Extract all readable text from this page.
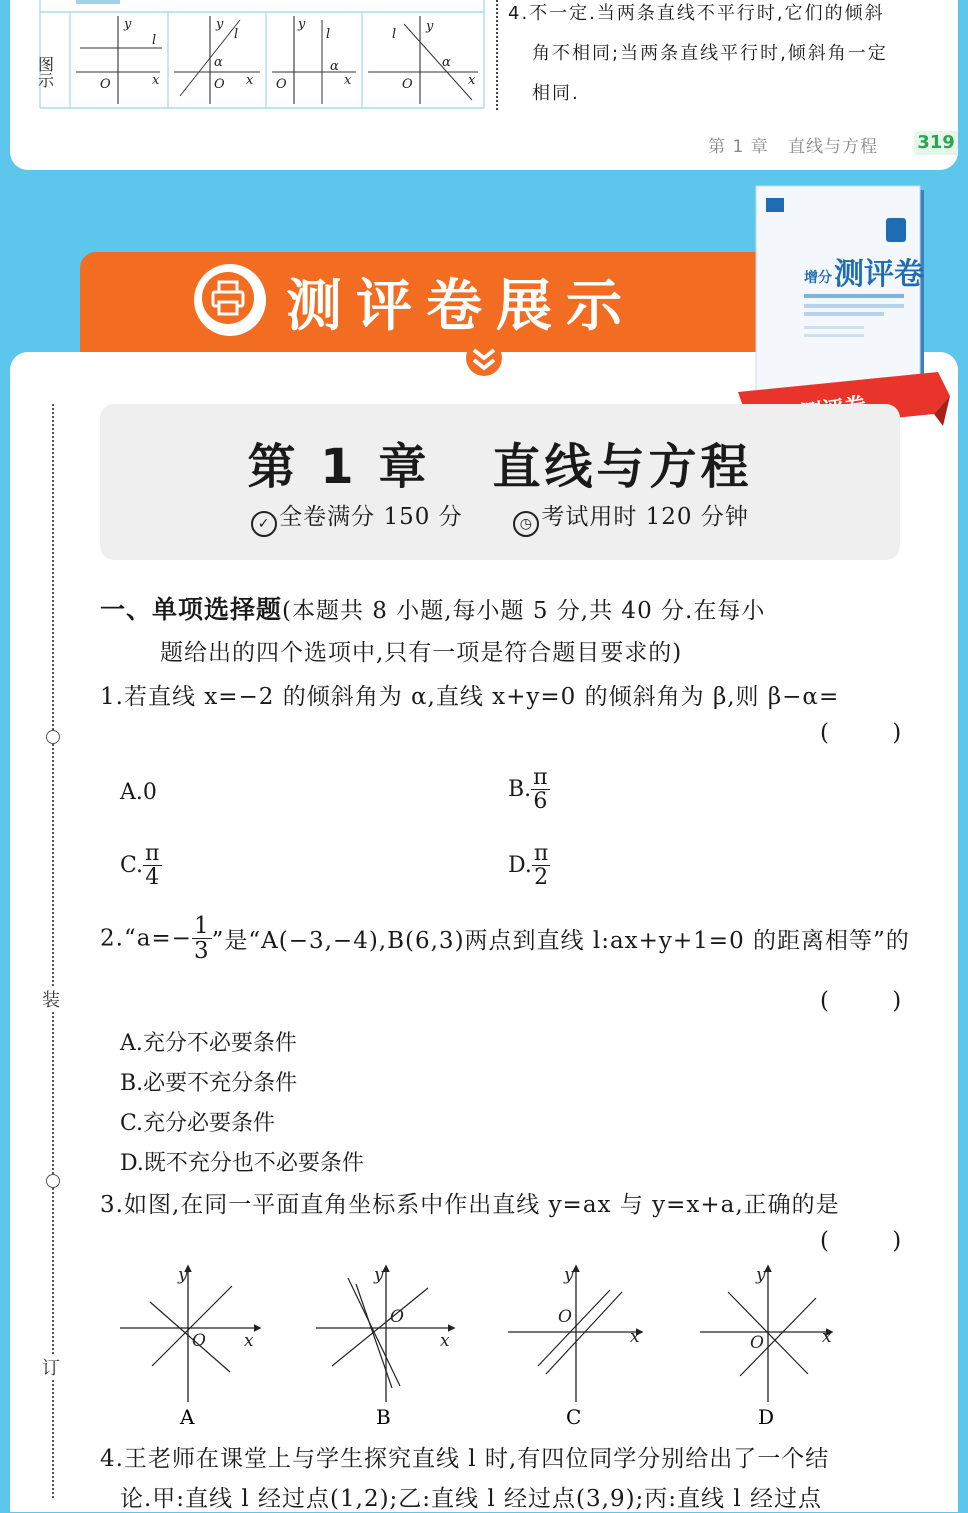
图示
y
l
O	x
y
l
α
O x
y
l
α
O	x
y
l
α
O	x
4.不一定.当两条直线不平行时,它们的倾斜
角不相同;当两条直线平行时,倾斜角一定
相同.
第 1 章   直线与方程 319
测评卷展示	增分 测评卷
装
订
第 1 章   直线与方程
✓ 全卷满分 150 分	◷ 考试用时 120 分钟
一、单项选择题(本题共 8 小题,每小题 5 分,共 40 分.在每小
题给出的四个选项中,只有一项是符合题目要求的)
1.若直线 x=−2 的倾斜角为 α,直线 x+y=0 的倾斜角为 β,则 β−α=
( )
A.0	B. $\frac{\pi}{6}$
C. $\frac{\pi}{4}$	D. $\frac{\pi}{2}$
2.“a=− $\frac{1}{3}$ ”是“A(−3,−4),B(6,3)两点到直线 l:ax+y+1=0 的距离相等”的
( )
A.充分不必要条件
B.必要不充分条件
C.充分必要条件
D.既不充分也不必要条件
3.如图,在同一平面直角坐标系中作出直线 y=ax 与 y=x+a,正确的是
( )
y
x
O
A
y
x
O
B
y
x
O
C
y
x
O
D
4.王老师在课堂上与学生探究直线 l 时,有四位同学分别给出了一个结
论.甲:直线 l 经过点(1,2);乙:直线 l 经过点(3,9);丙:直线 l 经过点
